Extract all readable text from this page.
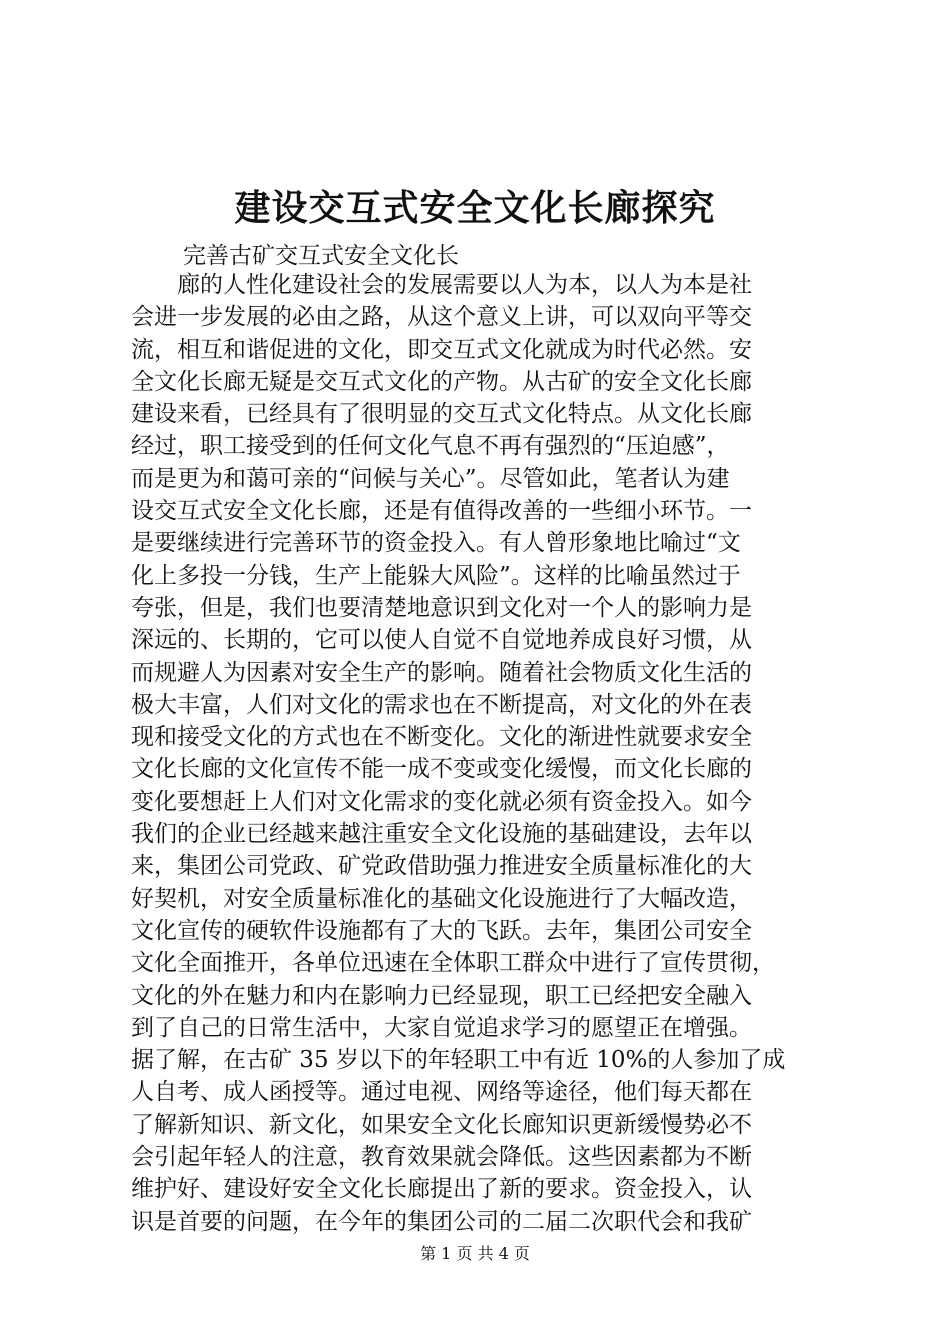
建设交互式安全文化长廊探究

完善古矿交互式安全文化长

　　廊的人性化建设社会的发展需要以人为本，以人为本是社
会进一步发展的必由之路，从这个意义上讲，可以双向平等交
流，相互和谐促进的文化，即交互式文化就成为时代必然。安
全文化长廊无疑是交互式文化的产物。从古矿的安全文化长廊
建设来看，已经具有了很明显的交互式文化特点。从文化长廊
经过，职工接受到的任何文化气息不再有强烈的“压迫感”，
而是更为和蔼可亲的“问候与关心”。尽管如此，笔者认为建
设交互式安全文化长廊，还是有值得改善的一些细小环节。一
是要继续进行完善环节的资金投入。有人曾形象地比喻过“文
化上多投一分钱，生产上能躲大风险”。这样的比喻虽然过于
夸张，但是，我们也要清楚地意识到文化对一个人的影响力是
深远的、长期的，它可以使人自觉不自觉地养成良好习惯，从
而规避人为因素对安全生产的影响。随着社会物质文化生活的
极大丰富，人们对文化的需求也在不断提高，对文化的外在表
现和接受文化的方式也在不断变化。文化的渐进性就要求安全
文化长廊的文化宣传不能一成不变或变化缓慢，而文化长廊的
变化要想赶上人们对文化需求的变化就必须有资金投入。如今
我们的企业已经越来越注重安全文化设施的基础建设，去年以
来，集团公司党政、矿党政借助强力推进安全质量标准化的大
好契机，对安全质量标准化的基础文化设施进行了大幅改造，
文化宣传的硬软件设施都有了大的飞跃。去年，集团公司安全
文化全面推开，各单位迅速在全体职工群众中进行了宣传贯彻，
文化的外在魅力和内在影响力已经显现，职工已经把安全融入
到了自己的日常生活中，大家自觉追求学习的愿望正在增强。
据了解，在古矿 35 岁以下的年轻职工中有近 10%的人参加了成
人自考、成人函授等。通过电视、网络等途径，他们每天都在
了解新知识、新文化，如果安全文化长廊知识更新缓慢势必不
会引起年轻人的注意，教育效果就会降低。这些因素都为不断
维护好、建设好安全文化长廊提出了新的要求。资金投入，认
识是首要的问题，在今年的集团公司的二届二次职代会和我矿

第 1 页 共 4 页
